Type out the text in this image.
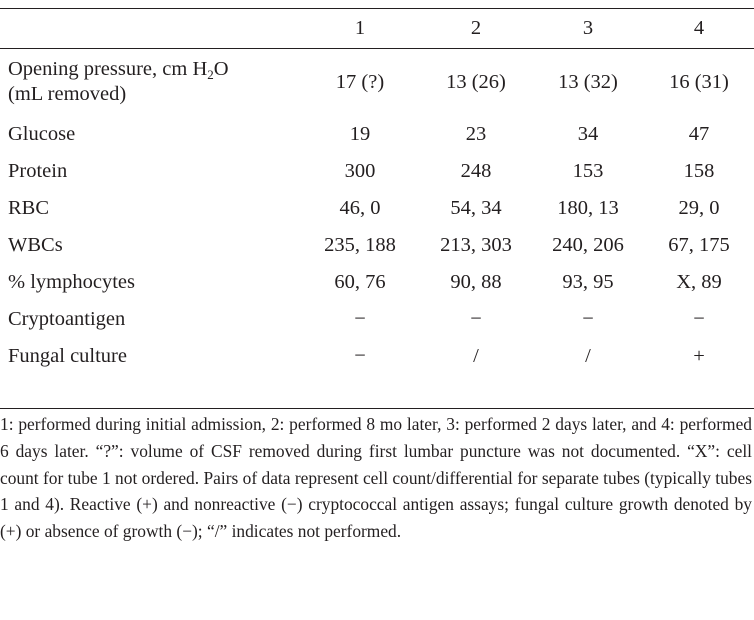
	1	2	3	4
Opening pressure, cm $H_2O$
(mL removed)	17 (?)	13 (26)	13 (32)	16 (31)
Glucose	19	23	34	47
Protein	300	248	153	158
RBC	46, 0	54, 34	180, 13	29, 0
WBCs	235, 188	213, 303	240, 206	67, 175
% lymphocytes	60, 76	90, 88	93, 95	X, 89
Cryptoantigen	−	−	−	−
Fungal culture	−	/	/	+

1: performed during initial admission, 2: performed 8 mo later, 3: performed 2 days later, and 4: performed 6 days later. “?”: volume of CSF removed during first lumbar puncture was not documented. “X”: cell count for tube 1 not ordered. Pairs of data represent cell count/differential for separate tubes (typically tubes 1 and 4). Reactive (+) and nonreactive (−) cryptococcal antigen assays; fungal culture growth denoted by (+) or absence of growth (−); “/” indicates not performed.
